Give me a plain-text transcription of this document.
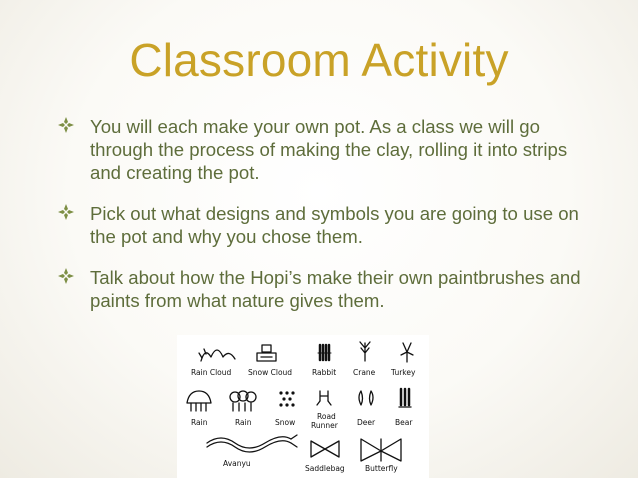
Classroom Activity
You will each make your own pot. As a class we will go through the process of making the clay, rolling it into strips and creating the pot.
Pick out what designs and symbols you are going to use on the pot and why you chose them.
Talk about how the Hopi’s make their own paintbrushes and paints from what nature gives them.
Rain Cloud Snow Cloud	Rabbit Crane Turkey
Rain	Rain	Snow
Road
Runner	Deer	Bear
Avanyu
Saddlebag	Butterfly
